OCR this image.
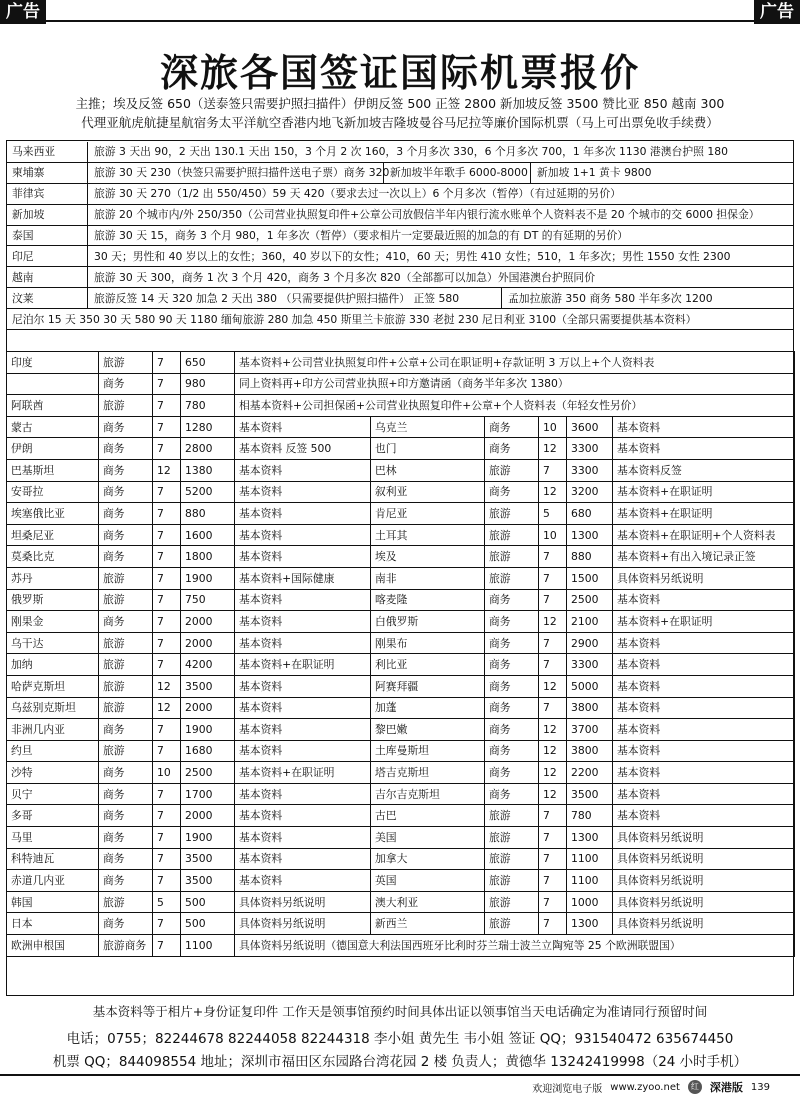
广告	广告
深旅各国签证国际机票报价
主推；埃及反签 650（送泰签只需要护照扫描件）伊朗反签 500 正签 2800 新加坡反签 3500 赞比亚 850 越南 300
代理亚航虎航捷星航宿务太平洋航空香港内地飞新加坡吉隆坡曼谷马尼拉等廉价国际机票（马上可出票免收手续费）
马来西亚	旅游 3 天出 90，2 天出 130.1 天出 150，3 个月 2 次 160，3 个月多次 330，6 个月多次 700，1 年多次 1130 港澳台护照 180
柬埔寨	旅游 30 天 230（快签只需要护照扫描件送电子票）商务 320 新加坡半年歌手 6000-8000 新加坡 1+1 黄卡 9800
菲律宾	旅游 30 天 270（1/2 出 550/450）59 天 420（要求去过一次以上）6 个月多次（暂停）（有过延期的另价）
新加坡	旅游 20 个城市内/外 250/350（公司营业执照复印件+公章公司放假信半年内银行流水账单个人资料表不是 20 个城市的交 6000 担保金）
泰国	旅游 30 天 15，商务 3 个月 980，1 年多次（暂停）（要求相片一定要最近照的加急的有 DT 的有延期的另价）
印尼	30 天；男性和 40 岁以上的女性；360，40 岁以下的女性；410，60 天；男性 410 女性；510，1 年多次；男性 1550 女性 2300
越南	旅游 30 天 300，商务 1 次 3 个月 420，商务 3 个月多次 820（全部都可以加急）外国港澳台护照同价
汶莱	旅游反签 14 天 320 加急 2 天出 380 （只需要提供护照扫描件） 正签 580	孟加拉旅游 350 商务 580 半年多次 1200
尼泊尔 15 天 350 30 天 580 90 天 1180 缅甸旅游 280 加急 450 斯里兰卡旅游 330 老挝 230 尼日利亚 3100（全部只需要提供基本资料）
印度	旅游	7	650	基本资料+公司营业执照复印件+公章+公司在职证明+存款证明 3 万以上+个人资料表					
	商务	7	980	同上资料再+印方公司营业执照+印方邀请函（商务半年多次 1380）					
阿联酋	旅游	7	780	相基本资料+公司担保函+公司营业执照复印件+公章+个人资料表（年轻女性另价）					
蒙古	商务	7	1280	基本资料	乌克兰	商务	10	3600	基本资料
伊朗	商务	7	2800	基本资料 反签 500	也门	商务	12	3300	基本资料
巴基斯坦	商务	12	1380	基本资料	巴林	旅游	7	3300	基本资料反签
安哥拉	商务	7	5200	基本资料	叙利亚	商务	12	3200	基本资料+在职证明
埃塞俄比亚	商务	7	880	基本资料	肯尼亚	旅游	5	680	基本资料+在职证明
坦桑尼亚	商务	7	1600	基本资料	土耳其	旅游	10	1300	基本资料+在职证明+个人资料表
莫桑比克	商务	7	1800	基本资料	埃及	旅游	7	880	基本资料+有出入境记录正签
苏丹	旅游	7	1900	基本资料+国际健康	南非	旅游	7	1500	具体资料另纸说明
俄罗斯	旅游	7	750	基本资料	喀麦隆	商务	7	2500	基本资料
刚果金	商务	7	2000	基本资料	白俄罗斯	商务	12	2100	基本资料+在职证明
乌干达	旅游	7	2000	基本资料	刚果布	商务	7	2900	基本资料
加纳	旅游	7	4200	基本资料+在职证明	利比亚	商务	7	3300	基本资料
哈萨克斯坦	旅游	12	3500	基本资料	阿赛拜疆	商务	12	5000	基本资料
乌兹别克斯坦	旅游	12	2000	基本资料	加蓬	商务	7	3800	基本资料
非洲几内亚	商务	7	1900	基本资料	黎巴嫩	商务	12	3700	基本资料
约旦	旅游	7	1680	基本资料	土库曼斯坦	商务	12	3800	基本资料
沙特	商务	10	2500	基本资料+在职证明	塔吉克斯坦	商务	12	2200	基本资料
贝宁	商务	7	1700	基本资料	吉尔吉克斯坦	商务	12	3500	基本资料
多哥	商务	7	2000	基本资料	古巴	旅游	7	780	基本资料
马里	商务	7	1900	基本资料	美国	旅游	7	1300	具体资料另纸说明
科特迪瓦	商务	7	3500	基本资料	加拿大	旅游	7	1100	具体资料另纸说明
赤道几内亚	商务	7	3500	基本资料	英国	旅游	7	1100	具体资料另纸说明
韩国	旅游	5	500	具体资料另纸说明	澳大利亚	旅游	7	1000	具体资料另纸说明
日本	商务	7	500	具体资料另纸说明	新西兰	旅游	7	1300	具体资料另纸说明
欧洲申根国	旅游商务	7	1100	具体资料另纸说明（德国意大利法国西班牙比利时芬兰瑞士波兰立陶宛等 25 个欧洲联盟国）					
基本资料等于相片+身份证复印件 工作天是领事馆预约时间具体出证以领事馆当天电话确定为准请同行预留时间
电话；0755；82244678 82244058 82244318 李小姐 黄先生 韦小姐 签证 QQ；931540472 635674450
机票 QQ；844098554 地址；深圳市福田区东园路台湾花园 2 楼 负责人；黄德华 13242419998（24 小时手机）
欢迎浏览电子版 www.zyoo.net	红 深港版 139
